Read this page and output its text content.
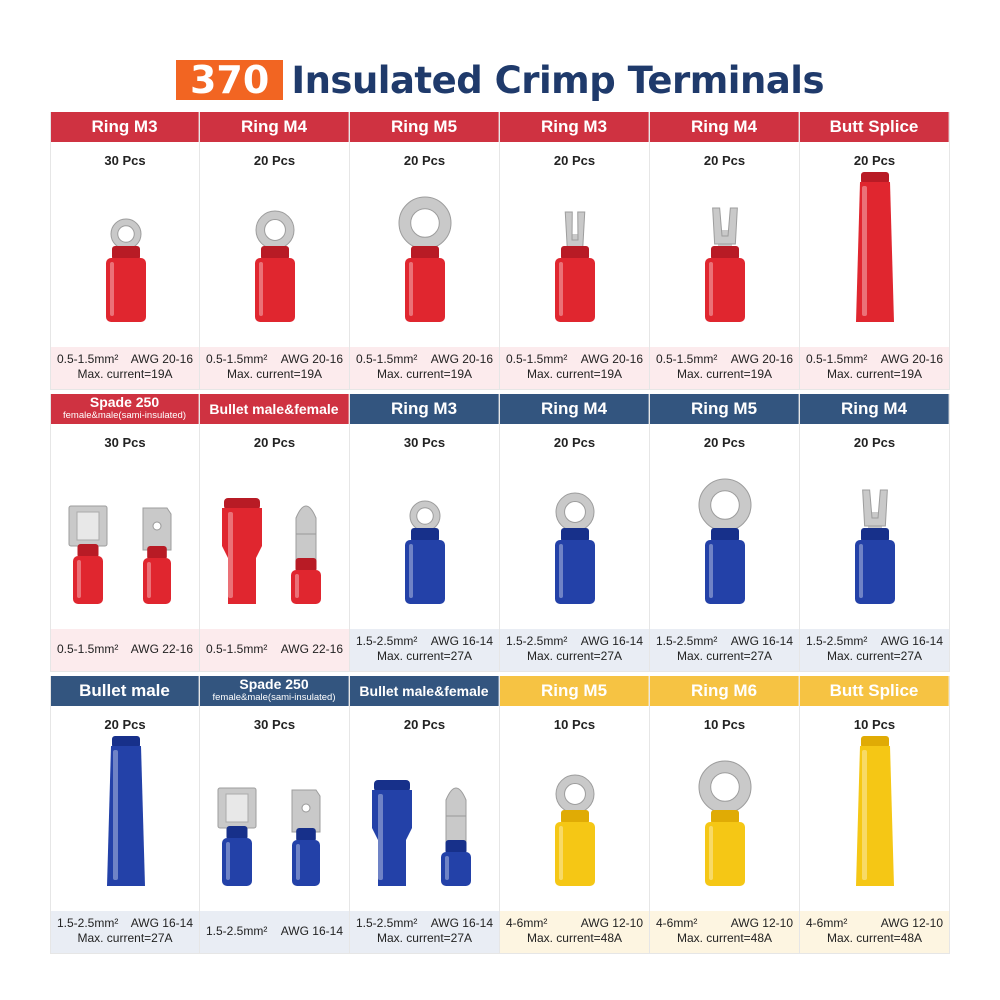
370 Insulated Crimp Terminals
Ring M3
30 Pcs
0.5-1.5mm² AWG 20-16
Max. current=19A
Ring M4
20 Pcs
0.5-1.5mm² AWG 20-16
Max. current=19A
Ring M5
20 Pcs
0.5-1.5mm² AWG 20-16
Max. current=19A
Ring M3
20 Pcs
0.5-1.5mm² AWG 20-16
Max. current=19A
Ring M4
20 Pcs
0.5-1.5mm² AWG 20-16
Max. current=19A
Butt Splice
20 Pcs
0.5-1.5mm² AWG 20-16
Max. current=19A
Spade 250
female&male(sami-insulated)
30 Pcs
0.5-1.5mm² AWG 22-16
Bullet male&female
20 Pcs
0.5-1.5mm² AWG 22-16
Ring M3
30 Pcs
1.5-2.5mm² AWG 16-14
Max. current=27A
Ring M4
20 Pcs
1.5-2.5mm² AWG 16-14
Max. current=27A
Ring M5
20 Pcs
1.5-2.5mm² AWG 16-14
Max. current=27A
Ring M4
20 Pcs
1.5-2.5mm² AWG 16-14
Max. current=27A
Bullet male
20 Pcs
1.5-2.5mm² AWG 16-14
Max. current=27A
Spade 250
female&male(sami-insulated)
30 Pcs
1.5-2.5mm² AWG 16-14
Bullet male&female
20 Pcs
1.5-2.5mm² AWG 16-14
Max. current=27A
Ring M5
10 Pcs
4-6mm²	AWG 12-10
Max. current=48A
Ring M6
10 Pcs
4-6mm²	AWG 12-10
Max. current=48A
Butt Splice
10 Pcs
4-6mm²	AWG 12-10
Max. current=48A
